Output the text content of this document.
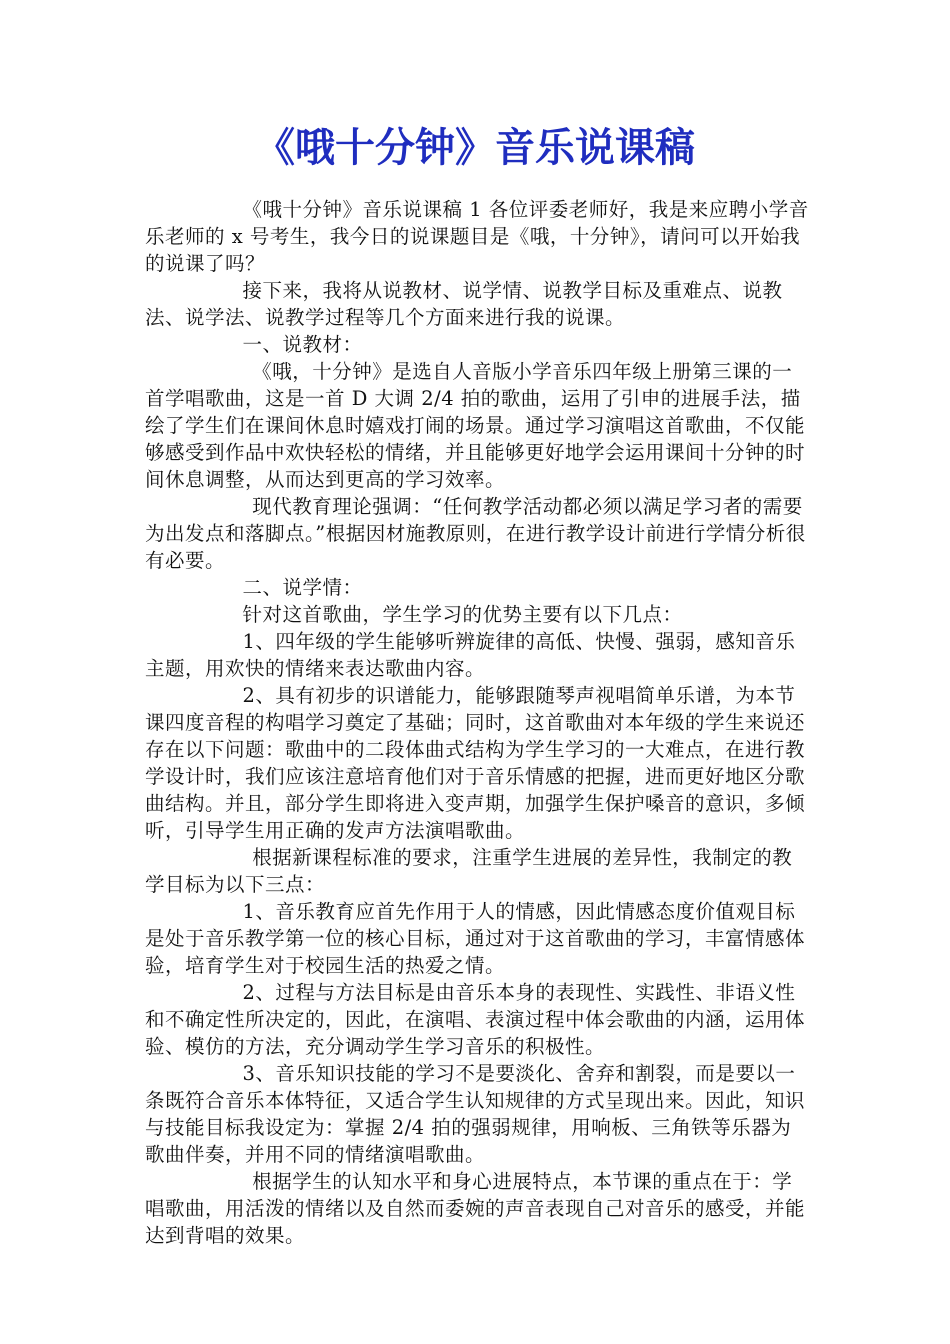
《哦十分钟》音乐说课稿

《哦十分钟》音乐说课稿 1 各位评委老师好，我是来应聘小学音乐老师的 x 号考生，我今日的说课题目是《哦，十分钟》，请问可以开始我的说课了吗？

接下来，我将从说教材、说学情、说教学目标及重难点、说教法、说学法、说教学过程等几个方面来进行我的说课。

一、说教材：

《哦，十分钟》是选自人音版小学音乐四年级上册第三课的一首学唱歌曲，这是一首 D 大调 2/4 拍的歌曲，运用了引申的进展手法，描绘了学生们在课间休息时嬉戏打闹的场景。通过学习演唱这首歌曲，不仅能够感受到作品中欢快轻松的情绪，并且能够更好地学会运用课间十分钟的时间休息调整，从而达到更高的学习效率。

现代教育理论强调：“任何教学活动都必须以满足学习者的需要为出发点和落脚点。”根据因材施教原则，在进行教学设计前进行学情分析很有必要。

二、说学情：

针对这首歌曲，学生学习的优势主要有以下几点：

1、四年级的学生能够听辨旋律的高低、快慢、强弱，感知音乐主题，用欢快的情绪来表达歌曲内容。

2、具有初步的识谱能力，能够跟随琴声视唱简单乐谱，为本节课四度音程的构唱学习奠定了基础；同时，这首歌曲对本年级的学生来说还存在以下问题：歌曲中的二段体曲式结构为学生学习的一大难点，在进行教学设计时，我们应该注意培育他们对于音乐情感的把握，进而更好地区分歌曲结构。并且，部分学生即将进入变声期，加强学生保护嗓音的意识，多倾听，引导学生用正确的发声方法演唱歌曲。

根据新课程标准的要求，注重学生进展的差异性，我制定的教学目标为以下三点：

1、音乐教育应首先作用于人的情感，因此情感态度价值观目标是处于音乐教学第一位的核心目标，通过对于这首歌曲的学习，丰富情感体验，培育学生对于校园生活的热爱之情。

2、过程与方法目标是由音乐本身的表现性、实践性、非语义性和不确定性所决定的，因此，在演唱、表演过程中体会歌曲的内涵，运用体验、模仿的方法，充分调动学生学习音乐的积极性。

3、音乐知识技能的学习不是要淡化、舍弃和割裂，而是要以一条既符合音乐本体特征，又适合学生认知规律的方式呈现出来。因此，知识与技能目标我设定为：掌握 2/4 拍的强弱规律，用响板、三角铁等乐器为歌曲伴奏，并用不同的情绪演唱歌曲。

根据学生的认知水平和身心进展特点，本节课的重点在于：学唱歌曲，用活泼的情绪以及自然而委婉的声音表现自己对音乐的感受，并能达到背唱的效果。
